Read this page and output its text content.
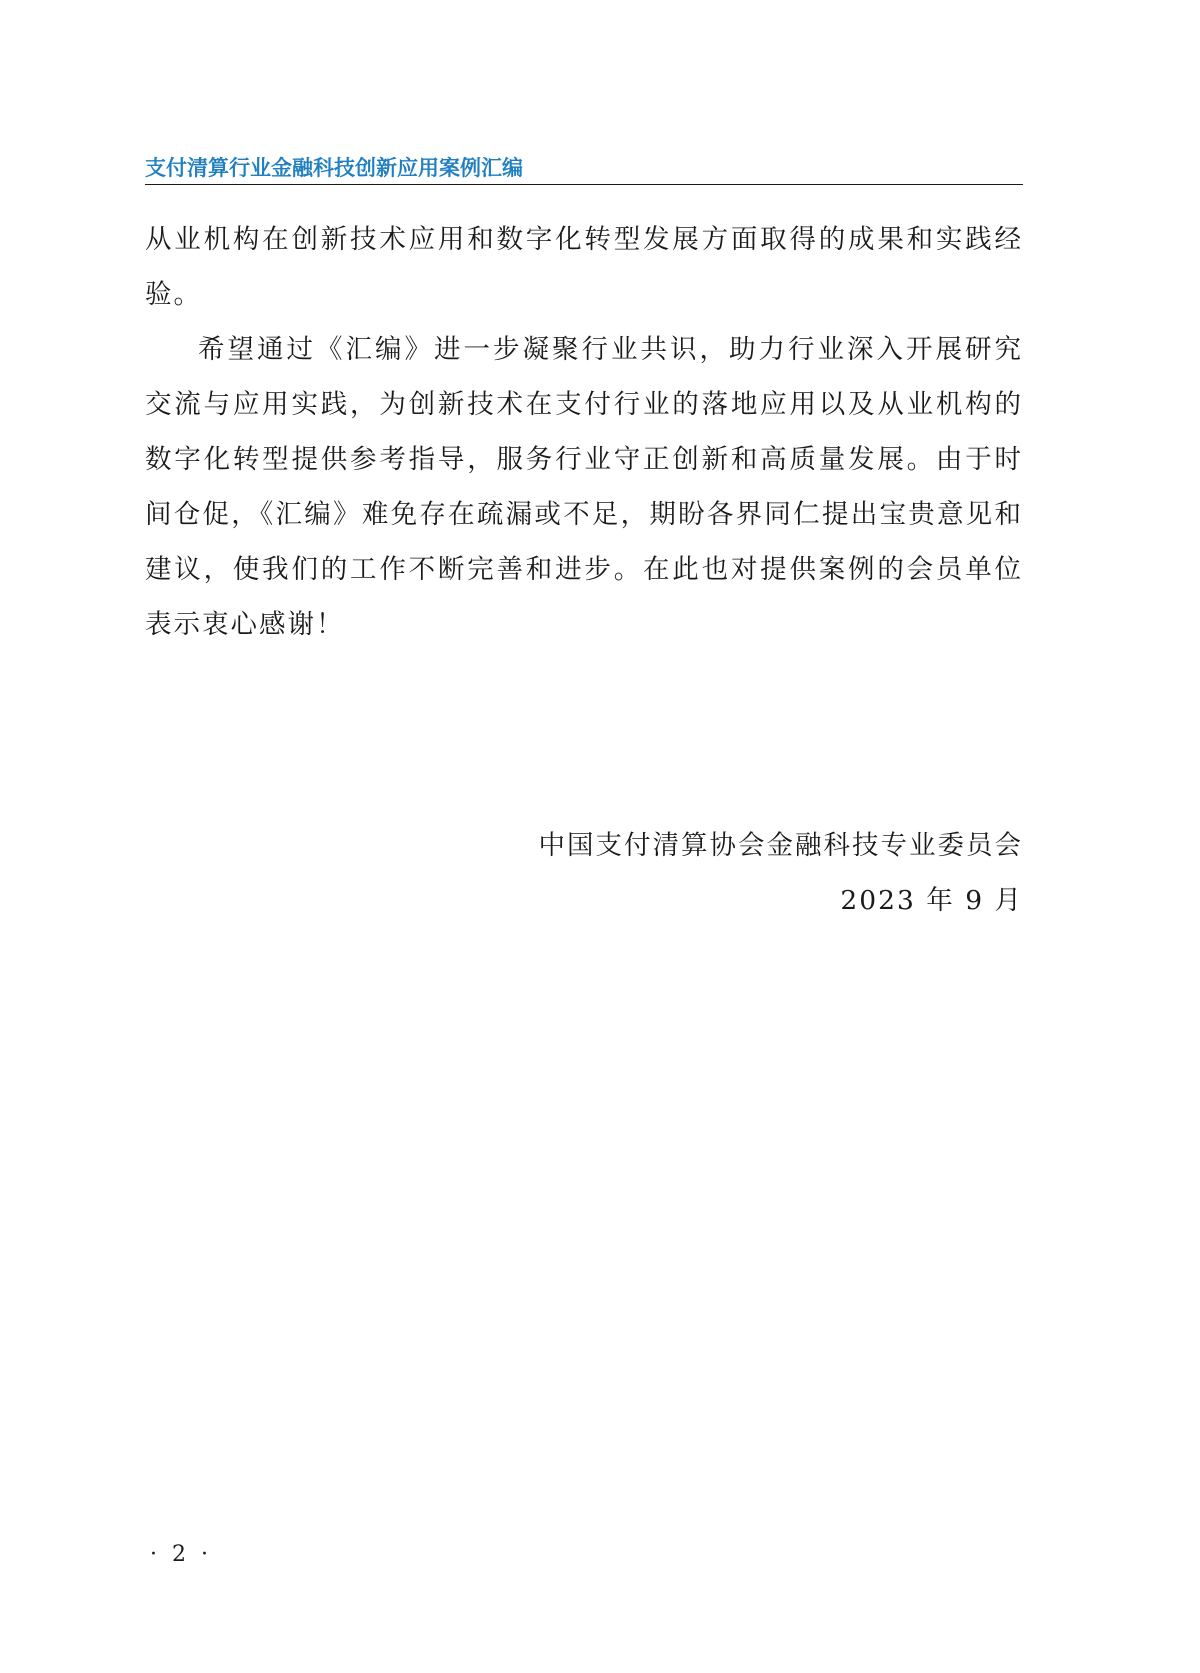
支付清算行业金融科技创新应用案例汇编

从业机构在创新技术应用和数字化转型发展方面取得的成果和实践经验。

希望通过《汇编》进一步凝聚行业共识，助力行业深入开展研究交流与应用实践，为创新技术在支付行业的落地应用以及从业机构的数字化转型提供参考指导，服务行业守正创新和高质量发展。由于时间仓促，《汇编》难免存在疏漏或不足，期盼各界同仁提出宝贵意见和建议，使我们的工作不断完善和进步。在此也对提供案例的会员单位表示衷心感谢！

中国支付清算协会金融科技专业委员会
2023 年 9 月
· 2 ·
